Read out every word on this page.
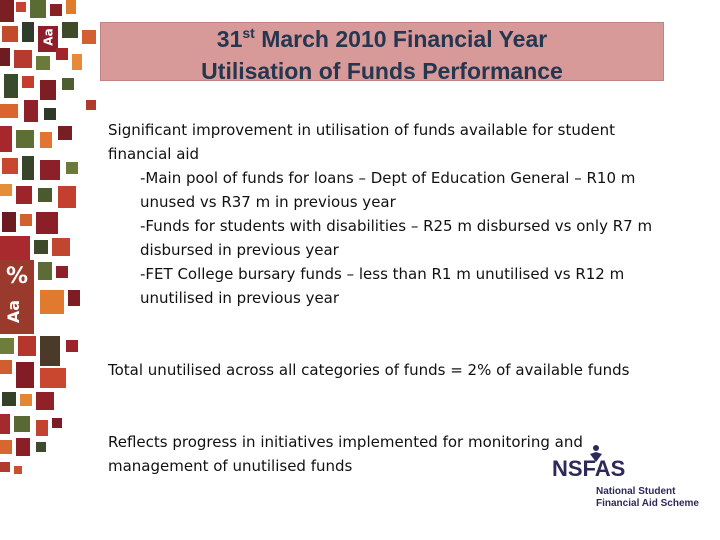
Aa
%
Aa
31st March 2010 Financial Year
Utilisation of Funds Performance

Significant improvement in utilisation of funds available for student financial aid

-Main pool of funds for loans – Dept of Education General – R10 m unused vs R37 m in previous year
-Funds for students with disabilities – R25 m disbursed vs only R7 m disbursed in previous year
-FET College bursary funds – less than R1 m unutilised vs R12 m unutilised in previous year

Total unutilised across all categories of funds = 2% of available funds

Reflects progress in initiatives implemented for monitoring and management of unutilised funds	NSFAS
National Student
Financial Aid Scheme
